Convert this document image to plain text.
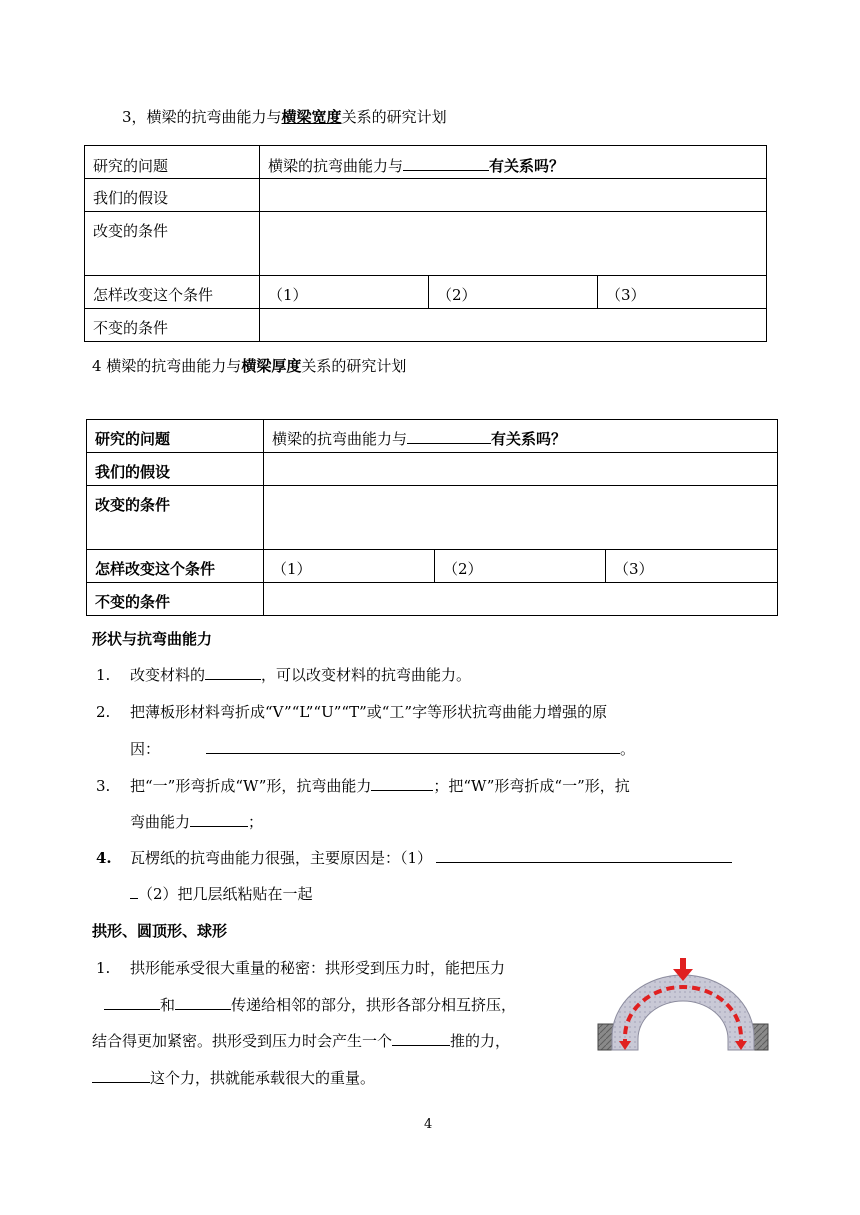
3，横梁的抗弯曲能力与横梁宽度关系的研究计划
研究的问题	横梁的抗弯曲能力与 有关系吗？		
我们的假设			
改变的条件			
怎样改变这个条件	（1）	（2）	（3）
不变的条件			
4 横梁的抗弯曲能力与横梁厚度关系的研究计划
研究的问题	横梁的抗弯曲能力与 有关系吗？		
我们的假设			
改变的条件			
怎样改变这个条件	（1）	（2）	（3）
不变的条件			
形状与抗弯曲能力
1. 改变材料的	，可以改变材料的抗弯曲能力。
2. 把薄板形材料弯折成“V”“L”“U”“T”或“工”字等形状抗弯曲能力增强的原
因：	。
3. 把“一”形弯折成“W”形，抗弯曲能力	；把“W”形弯折成“一”形，抗
弯曲能力	；
4. 瓦楞纸的抗弯曲能力很强，主要原因是：（1）
（2）把几层纸粘贴在一起
拱形、圆顶形、球形
1. 拱形能承受很大重量的秘密：拱形受到压力时，能把压力
和	传递给相邻的部分，拱形各部分相互挤压，
结合得更加紧密。拱形受到压力时会产生一个	推的力，
这个力，拱就能承载很大的重量。
4
